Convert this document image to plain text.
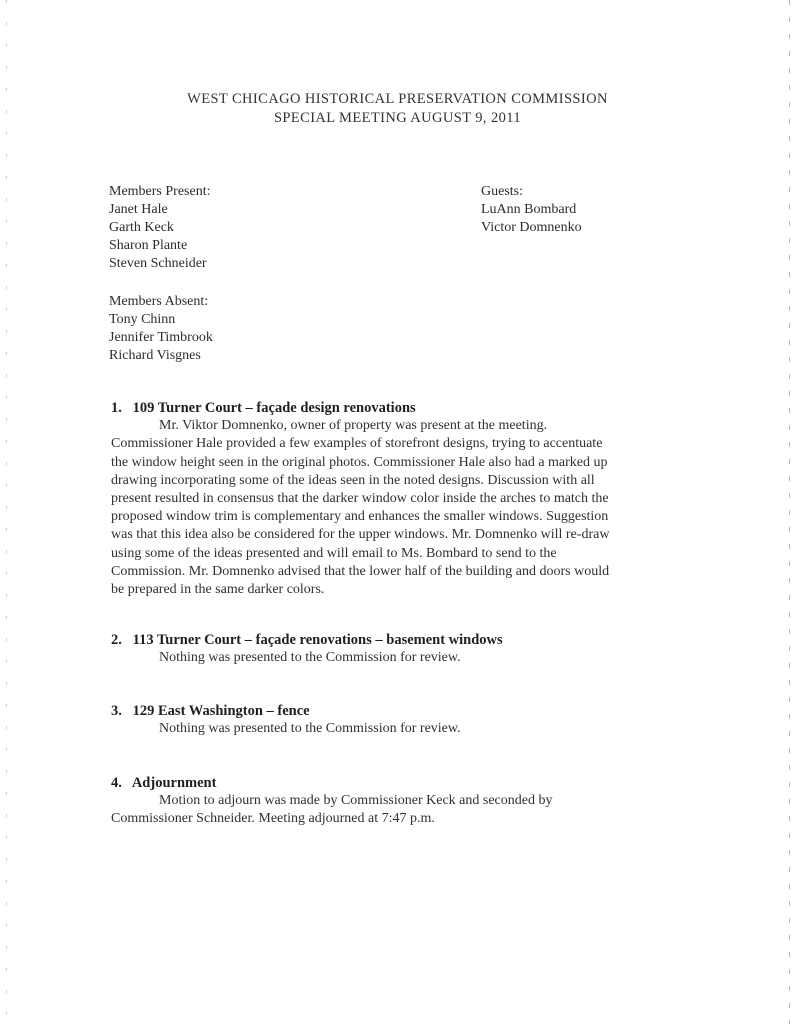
WEST CHICAGO HISTORICAL PRESERVATION COMMISSION
SPECIAL MEETING AUGUST 9, 2011
Members Present:
Janet Hale
Garth Keck
Sharon Plante
Steven Schneider
Guests:
LuAnn Bombard
Victor Domnenko
Members Absent:
Tony Chinn
Jennifer Timbrook
Richard Visgnes
1. 109 Turner Court – façade design renovations
Mr. Viktor Domnenko, owner of property was present at the meeting.
Commissioner Hale provided a few examples of storefront designs, trying to accentuate
the window height seen in the original photos. Commissioner Hale also had a marked up
drawing incorporating some of the ideas seen in the noted designs. Discussion with all
present resulted in consensus that the darker window color inside the arches to match the
proposed window trim is complementary and enhances the smaller windows. Suggestion
was that this idea also be considered for the upper windows. Mr. Domnenko will re-draw
using some of the ideas presented and will email to Ms. Bombard to send to the
Commission. Mr. Domnenko advised that the lower half of the building and doors would
be prepared in the same darker colors.
2. 113 Turner Court – façade renovations – basement windows
Nothing was presented to the Commission for review.
3. 129 East Washington – fence
Nothing was presented to the Commission for review.
4. Adjournment
Motion to adjourn was made by Commissioner Keck and seconded by
Commissioner Schneider. Meeting adjourned at 7:47 p.m.
